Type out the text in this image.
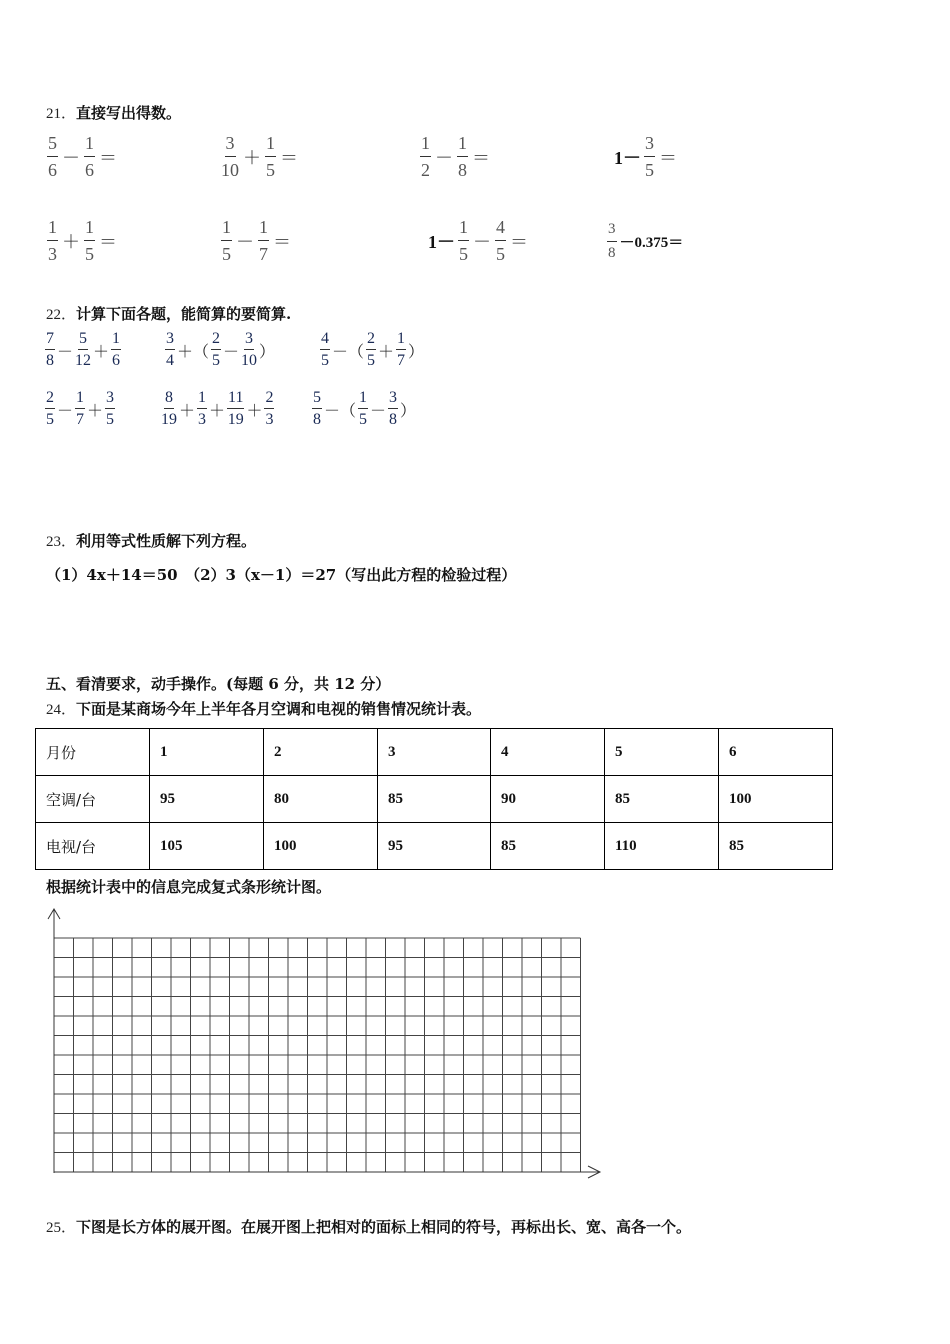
21．直接写出得数。
5
6
－
1
6
＝
3
10
＋
1
5
＝
1
2
－
1
8
＝	1－
3
5
＝
1
3
＋
1
5
＝
1
5
－
1
7
＝	1－
1
5
－
4
5
＝
3
8
－0.375＝
22．计算下面各题，能简算的要简算.
7
8 －
5
12 ＋
1
6
3
4 ＋（
2
5 －
3
10 ）
4
5 －（
2
5 ＋
1
7 ）
2
5 －
1
7 ＋
3
5
8
19 ＋
1
3 ＋
11
19 ＋
2
3
5
8 －（
1
5 －
3
8 ）
23．利用等式性质解下列方程。
（1）4x＋14＝50　（2）3（x－1）＝27（写出此方程的检验过程）
五、看清要求，动手操作。(每题 6 分，共 12 分）
24．下面是某商场今年上半年各月空调和电视的销售情况统计表。
月份	1	2	3	4	5	6
空调/台	95	80	85	90	85	100
电视/台	105	100	95	85	110	85
根据统计表中的信息完成复式条形统计图。
25．下图是长方体的展开图。在展开图上把相对的面标上相同的符号，再标出长、宽、高各一个。
